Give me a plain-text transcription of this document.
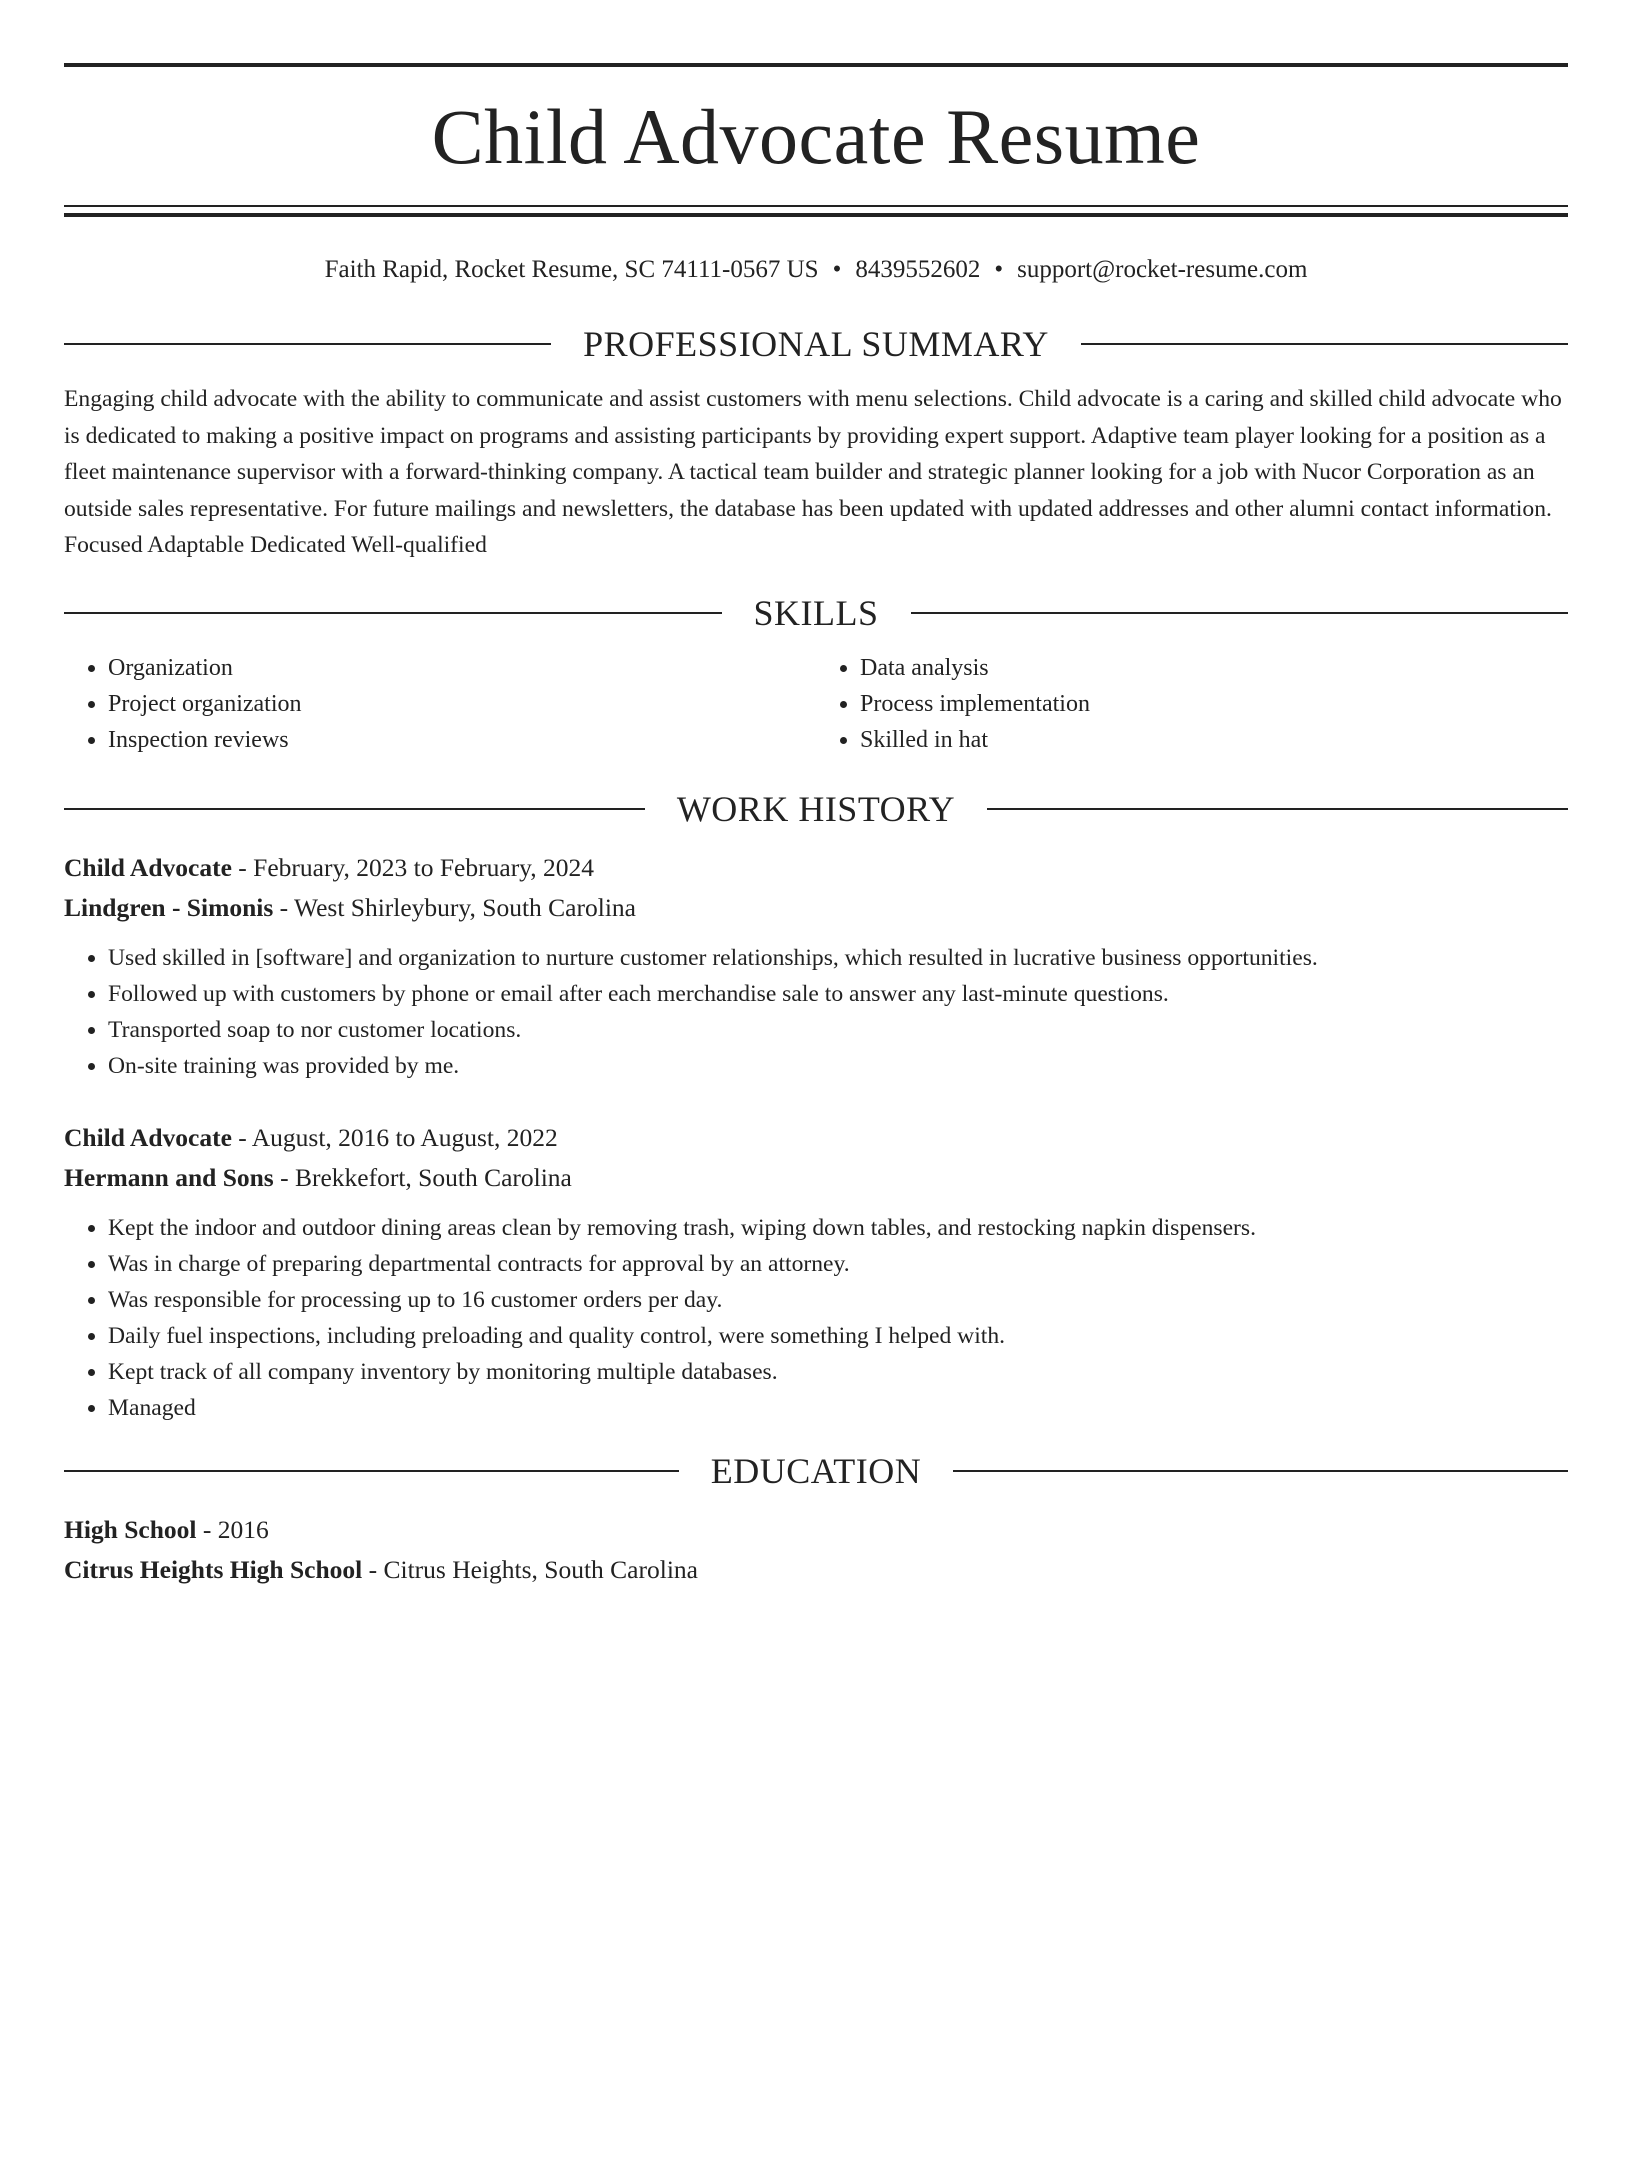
Child Advocate Resume
Faith Rapid, Rocket Resume, SC 74111-0567 US • 8439552602 • support@rocket-resume.com
PROFESSIONAL SUMMARY
Engaging child advocate with the ability to communicate and assist customers with menu selections. Child advocate is a caring and skilled child advocate who is dedicated to making a positive impact on programs and assisting participants by providing expert support. Adaptive team player looking for a position as a fleet maintenance supervisor with a forward-thinking company. A tactical team builder and strategic planner looking for a job with Nucor Corporation as an outside sales representative. For future mailings and newsletters, the database has been updated with updated addresses and other alumni contact information. Focused Adaptable Dedicated Well-qualified
SKILLS
• Organization
• Project organization
• Inspection reviews
• Data analysis
• Process implementation
• Skilled in hat
WORK HISTORY
Child Advocate - February, 2023 to February, 2024
Lindgren - Simonis - West Shirleybury, South Carolina
• Used skilled in [software] and organization to nurture customer relationships, which resulted in lucrative business opportunities.
• Followed up with customers by phone or email after each merchandise sale to answer any last-minute questions.
• Transported soap to nor customer locations.
• On-site training was provided by me.
Child Advocate - August, 2016 to August, 2022
Hermann and Sons - Brekkefort, South Carolina
• Kept the indoor and outdoor dining areas clean by removing trash, wiping down tables, and restocking napkin dispensers.
• Was in charge of preparing departmental contracts for approval by an attorney.
• Was responsible for processing up to 16 customer orders per day.
• Daily fuel inspections, including preloading and quality control, were something I helped with.
• Kept track of all company inventory by monitoring multiple databases.
• Managed
EDUCATION
High School - 2016
Citrus Heights High School - Citrus Heights, South Carolina
